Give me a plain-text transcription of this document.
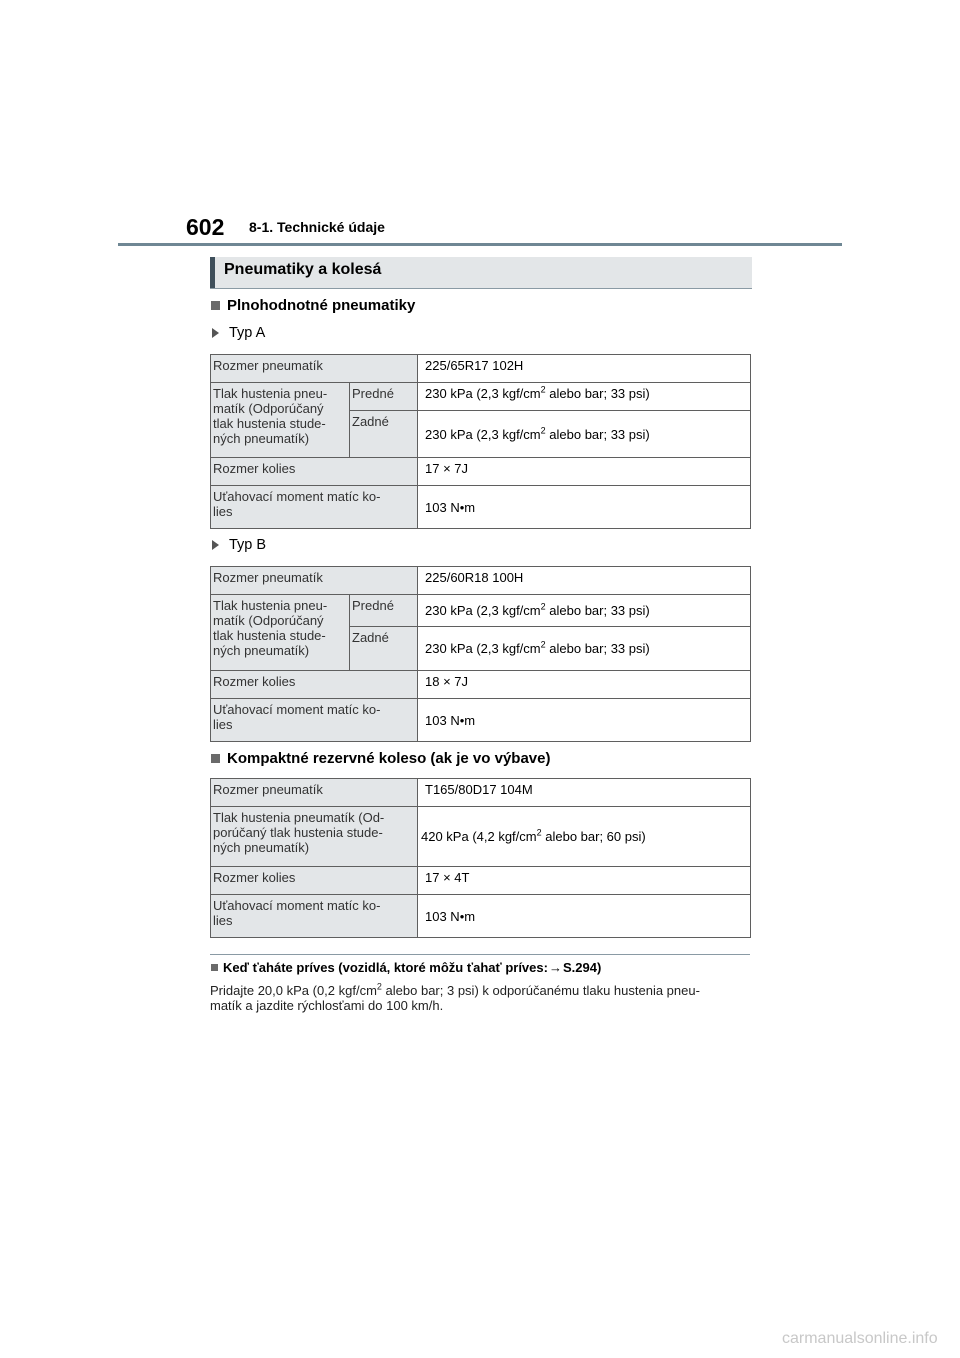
602 8-1. Technické údaje
Pneumatiky a kolesá
Plnohodnotné pneumatiky
Typ A
Rozmer pneumatík		225/65R17 102H
Tlak hustenia pneu-
matík (Odporúčaný
tlak hustenia stude-
ných pneumatík)	Predné	230 kPa (2,3 kgf/$cm^2$ alebo bar; 33 psi)
	Zadné	230 kPa (2,3 kgf/$cm^2$ alebo bar; 33 psi)
Rozmer kolies		17 × 7J
Uťahovací moment matíc ko-
lies		103 N•m
Typ B
Rozmer pneumatík		225/60R18 100H
Tlak hustenia pneu-
matík (Odporúčaný
tlak hustenia stude-
ných pneumatík)	Predné	230 kPa (2,3 kgf/$cm^2$ alebo bar; 33 psi)
	Zadné	230 kPa (2,3 kgf/$cm^2$ alebo bar; 33 psi)
Rozmer kolies		18 × 7J
Uťahovací moment matíc ko-
lies		103 N•m
Kompaktné rezervné koleso (ak je vo výbave)
Rozmer pneumatík	T165/80D17 104M
Tlak hustenia pneumatík (Od-
porúčaný tlak hustenia stude-
ných pneumatík)	420 kPa (4,2 kgf/$cm^2$ alebo bar; 60 psi)
Rozmer kolies	17 × 4T
Uťahovací moment matíc ko-
lies	103 N•m
Keď ťaháte príves (vozidlá, ktoré môžu ťahať príves: → S.294)
Pridajte 20,0 kPa (0,2 kgf/$cm^2$ alebo bar; 3 psi) k odporúčanému tlaku hustenia pneu-
matík a jazdite rýchlosťami do 100 km/h.
carmanualsonline.info
